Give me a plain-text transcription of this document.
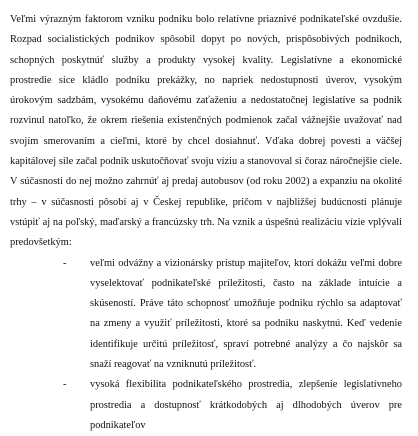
Veľmi výrazným faktorom vzniku podniku bolo relatívne priaznivé podnikateľské ovzdušie. Rozpad socialistických podnikov spôsobil dopyt po nových, prispôsobivých podnikoch, schopných poskytnúť služby a produkty vysokej kvality. Legislatívne a ekonomické prostredie síce kládlo podniku prekážky, no napriek nedostupnosti úverov, vysokým úrokovým sadzbám, vysokému daňovému zaťaženiu a nedostatočnej legislatíve sa podnik rozvinul natoľko, že okrem riešenia existenčných podmienok začal vážnejšie uvažovať nad svojím smerovaním a cieľmi, ktoré by chcel dosiahnuť. Vďaka dobrej povesti a väčšej kapitálovej sile začal podnik uskutočňovať svoju víziu a stanovoval si čoraz náročnejšie ciele. V súčasnosti do nej možno zahrnúť aj predaj autobusov (od roku 2002) a expanziu na okolité trhy – v súčasnosti pôsobí aj v Českej republike, pričom v najbližšej budúcnosti plánuje vstúpiť aj na poľský, maďarský a francúzsky trh. Na vznik a úspešnú realizáciu vízie vplývali predovšetkým:

- veľmi odvážny a vizionársky prístup majiteľov, ktorí dokážu veľmi dobre vyselektovať podnikateľské príležitosti, často na základe intuície a skúseností. Práve táto schopnosť umožňuje podniku rýchlo sa adaptovať na zmeny a využiť príležitosti, ktoré sa podniku naskytnú. Keď vedenie identifikuje určitú príležitosť, spraví potrebné analýzy a čo najskôr sa snaží reagovať na vzniknutú príležitosť.
- vysoká flexibilita podnikateľského prostredia, zlepšenie legislatívneho prostredia a dostupnosť krátkodobých aj dlhodobých úverov pre podnikateľov
